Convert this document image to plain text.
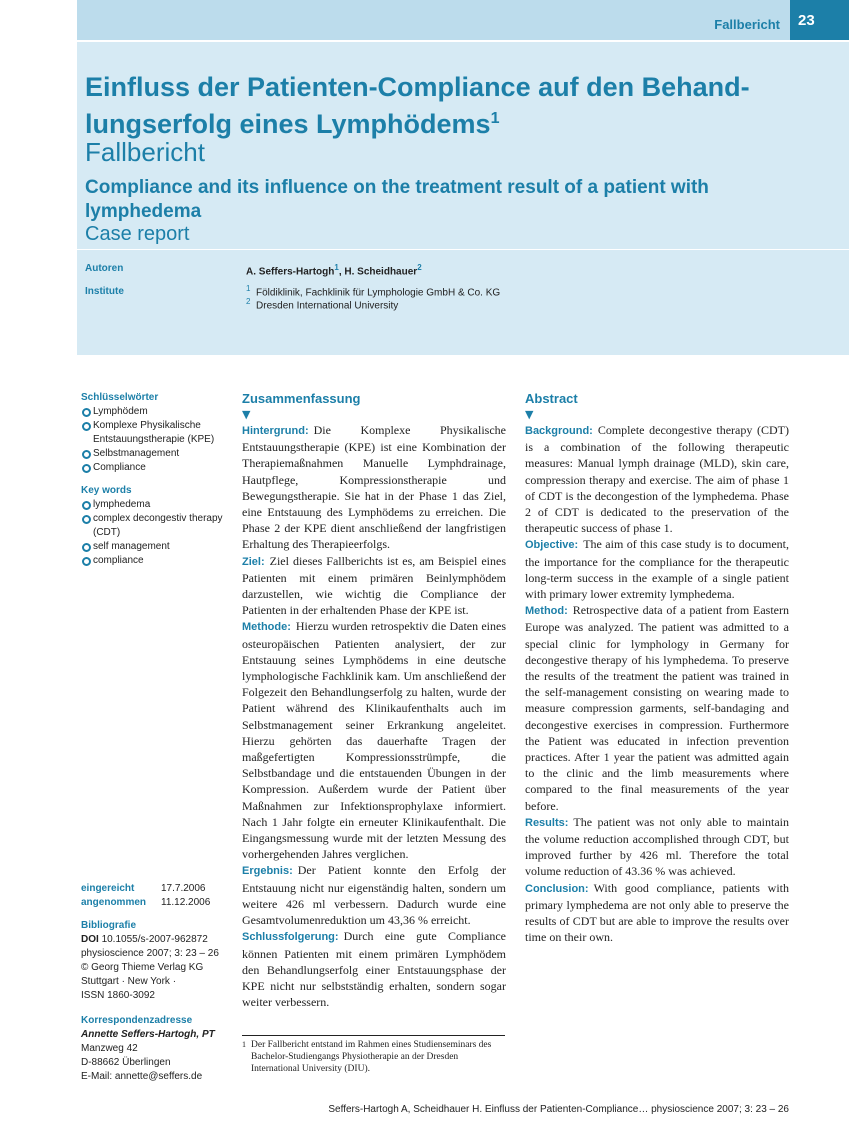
Fallbericht	23
Einfluss der Patienten-Compliance auf den Behand-
lungserfolg eines Lymphödems$^1$
Fallbericht
Compliance and its influence on the treatment result of a patient with lymphedema
Case report
Autoren	A. Seffers-Hartogh$^1$, H. Scheidhauer$^2$
Institute	$^1$ Földiklinik, Fachklinik für Lymphologie GmbH & Co. KG
$^2$ Dresden International University
Schlüsselwörter
Lymphödem
Komplexe Physikalische Entstauungstherapie (KPE)
Selbstmanagement
Compliance
Key words
lymphedema
complex decongestiv therapy (CDT)
self management
compliance
eingereicht	17.7.2006
angenommen	11.12.2006
Bibliografie
DOI 10.1055/s-2007-962872
physioscience 2007; 3: 23 – 26
© Georg Thieme Verlag KG
Stuttgart · New York ·
ISSN 1860-3092
Korrespondenzadresse
Annette Seffers-Hartogh, PT
Manzweg 42
D-88662 Überlingen
E-Mail: annette@seffers.de
Zusammenfassung
▼

Hintergrund: Die Komplexe Physikalische Entstauungstherapie (KPE) ist eine Kombination der Therapiemaßnahmen Manuelle Lymphdrainage, Hautpflege, Kompressionstherapie und Bewegungstherapie. Sie hat in der Phase 1 das Ziel, eine Entstauung des Lymphödems zu erreichen. Die Phase 2 der KPE dient anschließend der langfristigen Erhaltung des Therapieerfolgs.

Ziel: Ziel dieses Fallberichts ist es, am Beispiel eines Patienten mit einem primären Beinlymphödem darzustellen, wie wichtig die Compliance der Patienten in der erhaltenden Phase der KPE ist.

Methode: Hierzu wurden retrospektiv die Daten eines osteuropäischen Patienten analysiert, der zur Entstauung seines Lymphödems in eine deutsche lymphologische Fachklinik kam. Um anschließend der Folgezeit den Behandlungserfolg zu halten, wurde der Patient während des Klinikaufenthalts auch im Selbstmanagement seiner Erkrankung angeleitet. Hierzu gehörten das dauerhafte Tragen der maßgefertigten Kompressionsstrümpfe, die Selbstbandage und die entstauenden Übungen in der Kompression. Außerdem wurde der Patient über Maßnahmen zur Infektionsprophylaxe informiert. Nach 1 Jahr folgte ein erneuter Klinikaufenthalt. Die Eingangsmessung wurde mit der letzten Messung des vorhergehenden Jahres verglichen.

Ergebnis: Der Patient konnte den Erfolg der Entstauung nicht nur eigenständig halten, sondern um weitere 426 ml verbessern. Dadurch wurde eine Gesamtvolumenreduktion um 43,36 % erreicht.

Schlussfolgerung: Durch eine gute Compliance können Patienten mit einem primären Lymphödem den Behandlungserfolg einer Entstauungsphase der KPE nicht nur selbstständig erhalten, sondern sogar weiter verbessern.

Abstract
▼

Background: Complete decongestive therapy (CDT) is a combination of the following therapeutic measures: Manual lymph drainage (MLD), skin care, compression therapy and exercise. The aim of phase 1 of CDT is the decongestion of the lymphedema. Phase 2 of CDT is dedicated to the preservation of the therapeutic success of phase 1.

Objective: The aim of this case study is to document, the importance for the compliance for the therapeutic long-term success in the example of a single patient with primary lower extremity lymphedema.

Method: Retrospective data of a patient from Eastern Europe was analyzed. The patient was admitted to a special clinic for lymphology in Germany for decongestive therapy of his lymphedema. To preserve the results of the treatment the patient was trained in the self-management consisting on wearing made to measure compression garments, self-bandaging and decongestive exercises in compression. Furthermore the Patient was educated in infection prevention practices. After 1 year the patient was admitted again to the clinic and the limb measurements where compared to the final measurements of the year before.

Results: The patient was not only able to maintain the volume reduction accomplished through CDT, but improved further by 426 ml. Therefore the total volume reduction of 43.36 % was achieved.

Conclusion: With good compliance, patients with primary lymphedema are not only able to preserve the results of CDT but are able to improve the results over time on their own.

1 Der Fallbericht entstand im Rahmen eines Studienseminars des Bachelor-Studiengangs Physiotherapie an der Dresden International University (DIU).
Seffers-Hartogh A, Scheidhauer H. Einfluss der Patienten-Compliance… physioscience 2007; 3: 23 – 26
